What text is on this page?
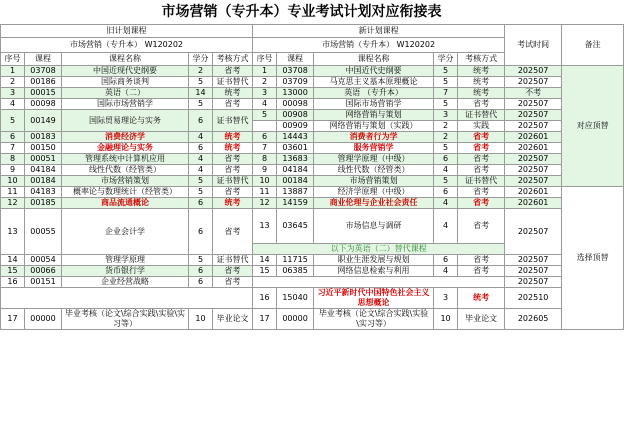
市场营销（专升本）专业考试计划对应衔接表
旧计划课程					新计划课程					考试时间	备注	
市场营销（专升本） W120202					市场营销（专升本） W120202							
序号	课程	课程名称	学分	考核方式	序号	课程	课程名称	学分	考核方式			
1	03708	中国近现代史纲要	2	省考	1	03708	中国近代史纲要	5	统考	202507	对应顶替	
2	00186	国际商务谈判	5	证书替代	2	03709	马克思主义基本原理概论	5	统考	202507		
3	00015	英语（二）	14	统考	3	13000	英语 （专升本）	7	统考	不考		
4	00098	国际市场营销学	5	省考	4	00098	国际市场营销学	5	省考	202507		
5	00149	国际贸易理论与实务	6	证书替代	5	00908	网络营销与策划	3	证书替代	202507		
						00909	网络营销与策划（实践）	2	实践	202507		
6	00183	消费经济学	4	统考	6	14443	消费者行为学	2	省考	202601		
7	00150	金融理论与实务	6	统考	7	03601	服务营销学	5	省考	202601		
8	00051	管理系统中计算机应用	4	省考	8	13683	管理学原理（中级）	6	省考	202507		
9	04184	线性代数（经管类）	4	省考	9	04184	线性代数（经管类）	4	省考	202507		
10	00184	市场营销策划	5	证书替代	10	00184	市场营销策划	5	证书替代	202507		
11	04183	概率论与数理统计（经管类）	5	省考	11	13887	经济学原理（中级）	6	省考	202601	选择顶替	
12	00185	商品流通概论	6	统考	12	14159	商业伦理与企业社会责任	4	省考	202601		
13	00055	企业会计学	6	省考	13	03645	市场信息与调研	4	省考	202507		
					以下为英语（二）替代课程		
14	00054	管理学原理	5	证书替代	14	11715	职业生涯发展与规划	6	省考	202507		
15	00066	货币银行学	6	省考	15	06385	网络信息检索与利用	4	省考	202507		
16	00151	企业经营战略	6	省考						202507		
					16	15040	习近平新时代中国特色社会主义思想概论	3	统考	202510		
17	00000	毕业考核（论文\综合实践\实验\实习等）	10	毕业论文	17	00000	毕业考核（论文\综合实践\实验\实习等）	10	毕业论文	202605		
